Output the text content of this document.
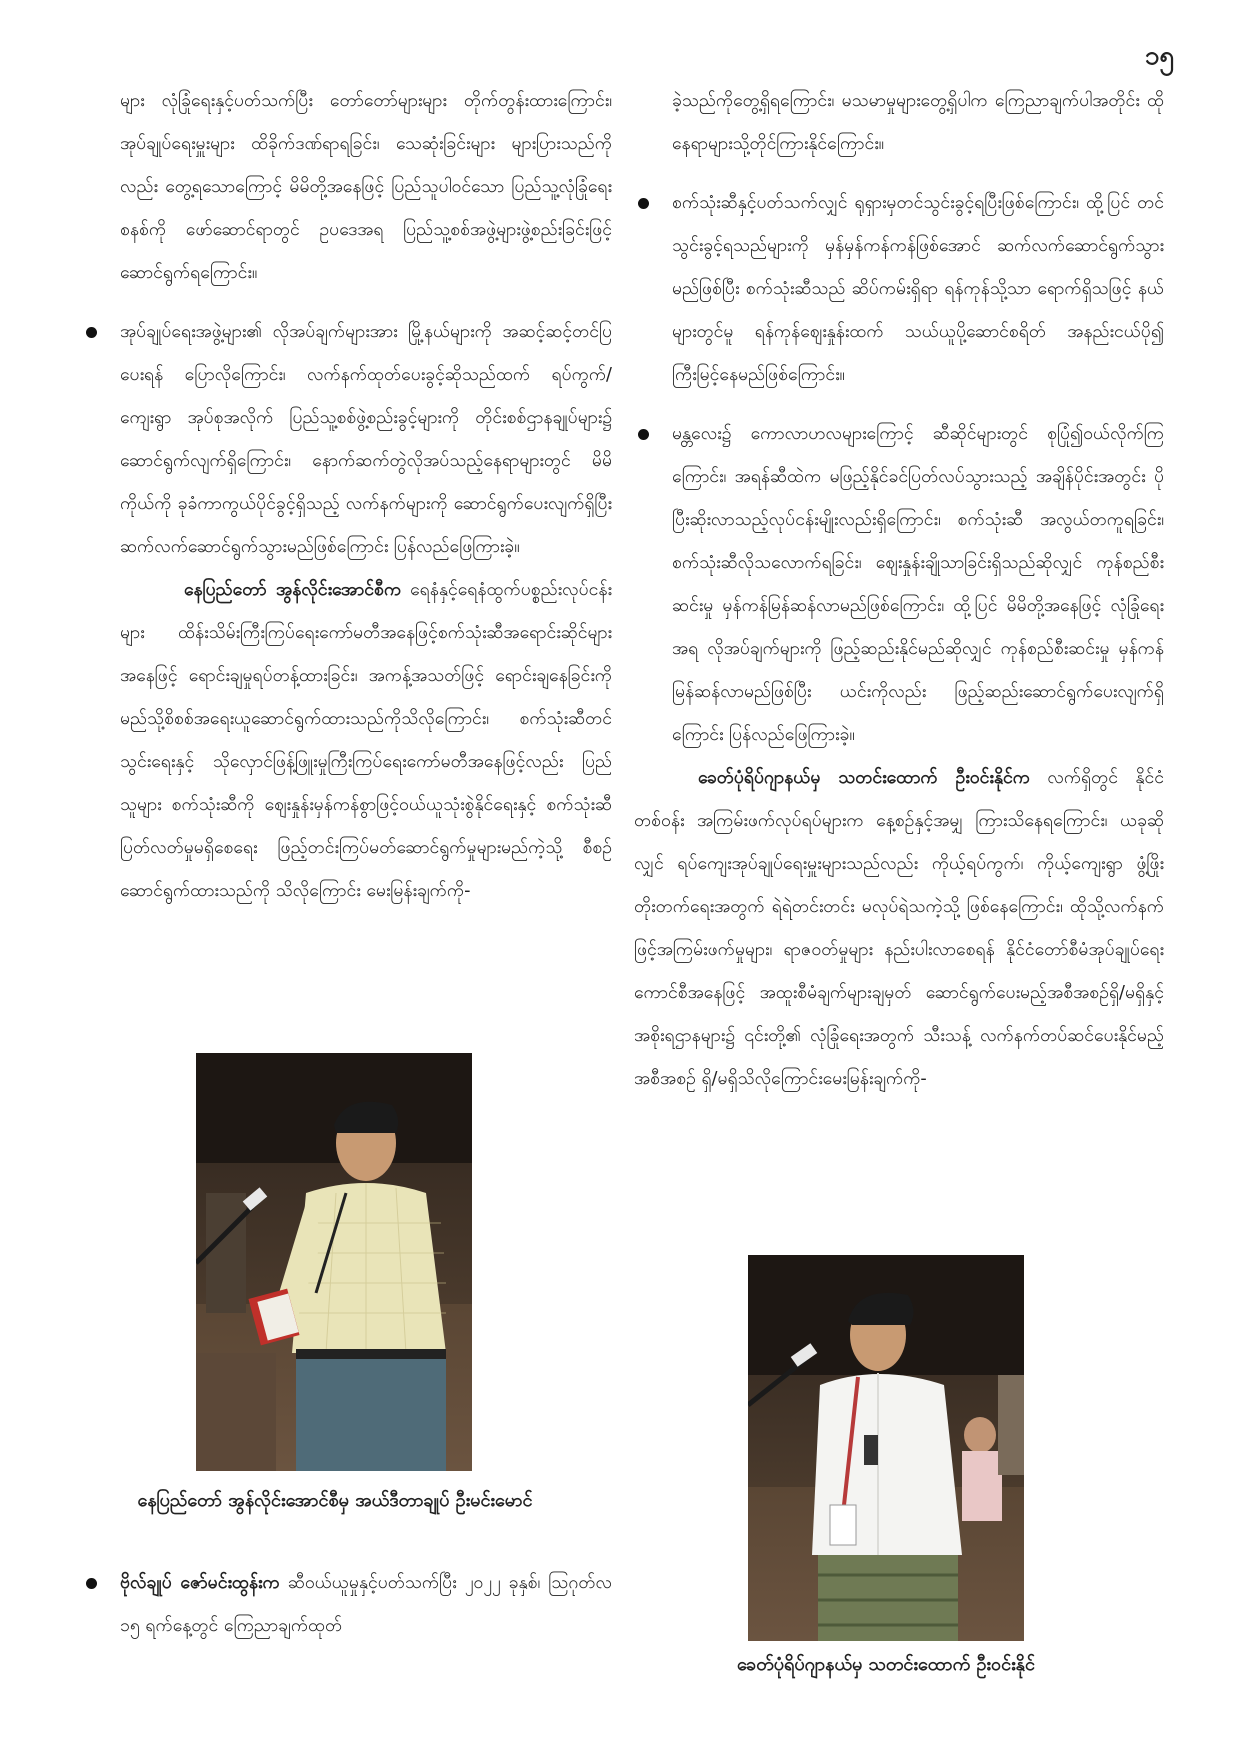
၁၅

များ လုံခြုံရေးနှင့်ပတ်သက်ပြီး တော်တော်များများ တိုက်တွန်းထားကြောင်း၊ အုပ်ချုပ်ရေးမှူးများ ထိခိုက်ဒဏ်ရာရခြင်း၊ သေဆုံးခြင်းများ များပြားသည်ကိုလည်း တွေ့ရသောကြောင့် မိမိတို့အနေဖြင့် ပြည်သူပါဝင်သော ပြည်သူ့လုံခြုံရေးစနစ်ကို ဖော်ဆောင်ရာတွင် ဥပဒေအရ ပြည်သူ့စစ်အဖွဲ့များဖွဲ့စည်းခြင်းဖြင့် ဆောင်ရွက်ရကြောင်း။

အုပ်ချုပ်ရေးအဖွဲ့များ၏ လိုအပ်ချက်များအား မြို့နယ်များကို အဆင့်ဆင့်တင်ပြပေးရန် ပြောလိုကြောင်း၊ လက်နက်ထုတ်ပေးခွင့်ဆိုသည်ထက် ရပ်ကွက်/ကျေးရွာ အုပ်စုအလိုက် ပြည်သူ့စစ်ဖွဲ့စည်းခွင့်များကို တိုင်းစစ်ဌာနချုပ်များ၌ ဆောင်ရွက်လျက်ရှိကြောင်း၊ နောက်ဆက်တွဲလိုအပ်သည့်နေရာများတွင် မိမိကိုယ်ကို ခုခံကာကွယ်ပိုင်ခွင့်ရှိသည့် လက်နက်များကို ဆောင်ရွက်ပေးလျက်ရှိပြီး ဆက်လက်ဆောင်ရွက်သွားမည်ဖြစ်ကြောင်း ပြန်လည်ဖြေကြားခဲ့။

နေပြည်တော် အွန်လိုင်းအောင်စီက ရေနံနှင့်ရေနံထွက်ပစ္စည်းလုပ်ငန်းများ ထိန်းသိမ်းကြီးကြပ်ရေးကော်မတီအနေဖြင့်စက်သုံးဆီအရောင်းဆိုင်များအနေဖြင့် ရောင်းချမှုရပ်တန့်ထားခြင်း၊ အကန့်အသတ်ဖြင့် ရောင်းချနေခြင်းကို မည်သို့စိစစ်အရေးယူဆောင်ရွက်ထားသည်ကိုသိလိုကြောင်း၊ စက်သုံးဆီတင်သွင်းရေးနှင့် သိုလှောင်ဖြန့်ဖြူးမှုကြီးကြပ်ရေးကော်မတီအနေဖြင့်လည်း ပြည်သူများ စက်သုံးဆီကို ဈေးနှုန်းမှန်ကန်စွာဖြင့်ဝယ်ယူသုံးစွဲနိုင်ရေးနှင့် စက်သုံးဆီပြတ်လတ်မှုမရှိစေရေး ဖြည့်တင်းကြပ်မတ်ဆောင်ရွက်မှုများမည်ကဲ့သို့ စီစဉ်ဆောင်ရွက်ထားသည်ကို သိလိုကြောင်း မေးမြန်းချက်ကို-

နေပြည်တော် အွန်လိုင်းအောင်စီမှ အယ်ဒီတာချုပ် ဦးမင်းမောင်

ဗိုလ်ချုပ် ဇော်မင်းထွန်းက ဆီဝယ်ယူမှုနှင့်ပတ်သက်ပြီး ၂၀၂၂ ခုနှစ်၊ ဩဂုတ်လ ၁၅ ရက်နေ့တွင် ကြေညာချက်ထုတ်

ခဲ့သည်ကိုတွေ့ရှိရကြောင်း၊ မသမာမှုများတွေ့ရှိပါက ကြေညာချက်ပါအတိုင်း ထိုနေရာများသို့တိုင်ကြားနိုင်ကြောင်း။

စက်သုံးဆီနှင့်ပတ်သက်လျှင် ရုရှားမှတင်သွင်းခွင့်ရပြီးဖြစ်ကြောင်း၊ ထို့ပြင် တင်သွင်းခွင့်ရသည်များကို မှန်မှန်ကန်ကန်ဖြစ်အောင် ဆက်လက်ဆောင်ရွက်သွားမည်ဖြစ်ပြီး စက်သုံးဆီသည် ဆိပ်ကမ်းရှိရာ ရန်ကုန်သို့သာ ရောက်ရှိသဖြင့် နယ်များတွင်မူ ရန်ကုန်ဈေးနှုန်းထက် သယ်ယူပို့ဆောင်စရိတ် အနည်းငယ်ပို၍ ကြီးမြင့်နေမည်ဖြစ်ကြောင်း။

မန္တလေး၌ ကောလာဟလများကြောင့် ဆီဆိုင်များတွင် စုပြုံ၍ဝယ်လိုက်ကြကြောင်း၊ အရန်ဆီထဲက မဖြည့်နိုင်ခင်ပြတ်လပ်သွားသည့် အချိန်ပိုင်းအတွင်း ပိုပြီးဆိုးလာသည့်လုပ်ငန်းမျိုးလည်းရှိကြောင်း၊ စက်သုံးဆီ အလွယ်တကူရခြင်း၊ စက်သုံးဆီလိုသလောက်ရခြင်း၊ ဈေးနှုန်းချိုသာခြင်းရှိသည်ဆိုလျှင် ကုန်စည်စီးဆင်းမှု မှန်ကန်မြန်ဆန်လာမည်ဖြစ်ကြောင်း၊ ထို့ပြင် မိမိတို့အနေဖြင့် လုံခြုံရေးအရ လိုအပ်ချက်များကို ဖြည့်ဆည်းနိုင်မည်ဆိုလျှင် ကုန်စည်စီးဆင်းမှု မှန်ကန်မြန်ဆန်လာမည်ဖြစ်ပြီး ယင်းကိုလည်း ဖြည့်ဆည်းဆောင်ရွက်ပေးလျက်ရှိကြောင်း ပြန်လည်ဖြေကြားခဲ့။

ခေတ်ပုံရိပ်ဂျာနယ်မှ သတင်းထောက် ဦးဝင်းနိုင်က လက်ရှိတွင် နိုင်ငံတစ်ဝန်း အကြမ်းဖက်လုပ်ရပ်များက နေ့စဉ်နှင့်အမျှ ကြားသိနေရကြောင်း၊ ယခုဆိုလျှင် ရပ်ကျေးအုပ်ချုပ်ရေးမှူးများသည်လည်း ကိုယ့်ရပ်ကွက်၊ ကိုယ့်ကျေးရွာ ဖွံ့ဖြိုးတိုးတက်ရေးအတွက် ရဲရဲတင်းတင်း မလုပ်ရဲသကဲ့သို့ ဖြစ်နေကြောင်း၊ ထိုသို့လက်နက်ဖြင့်အကြမ်းဖက်မှုများ၊ ရာဇဝတ်မှုများ နည်းပါးလာစေရန် နိုင်ငံတော်စီမံအုပ်ချုပ်ရေးကောင်စီအနေဖြင့် အထူးစီမံချက်များချမှတ် ဆောင်ရွက်ပေးမည့်အစီအစဉ်ရှိ/မရှိနှင့် အစိုးရဌာနများ၌ ၎င်းတို့၏ လုံခြုံရေးအတွက် သီးသန့် လက်နက်တပ်ဆင်ပေးနိုင်မည့် အစီအစဉ် ရှိ/မရှိသိလိုကြောင်းမေးမြန်းချက်ကို-

ခေတ်ပုံရိပ်ဂျာနယ်မှ သတင်းထောက် ဦးဝင်းနိုင်
